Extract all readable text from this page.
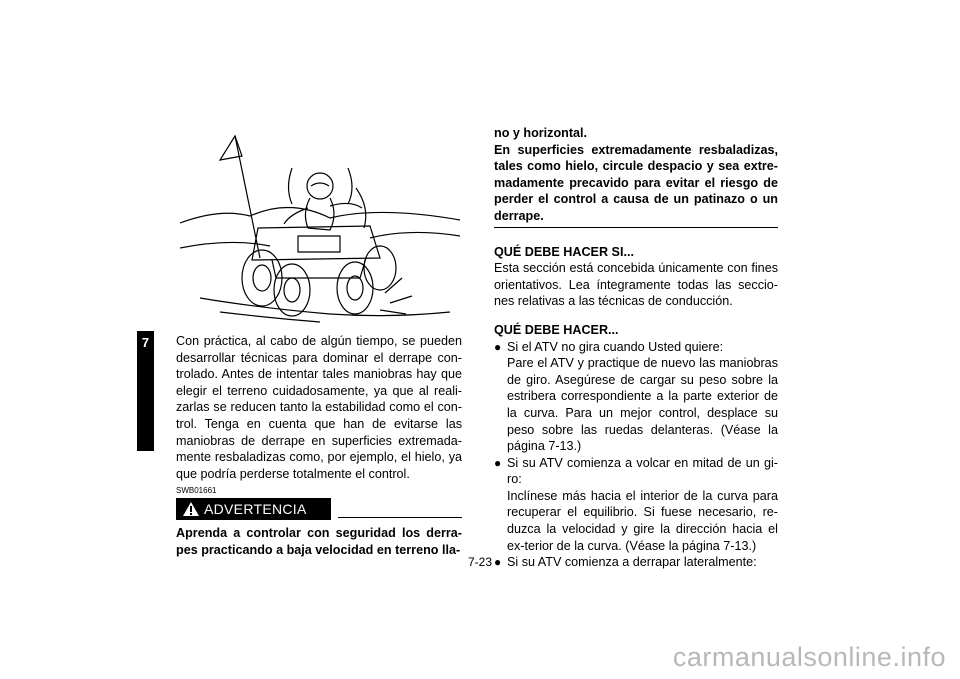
7	Con práctica, al cabo de algún tiempo, se pueden desarrollar técnicas para dominar el derrape con-trolado. Antes de intentar tales maniobras hay que elegir el terreno cuidadosamente, ya que al reali-zarlas se reducen tanto la estabilidad como el con-trol. Tenga en cuenta que han de evitarse las maniobras de derrape en superficies extremada-mente resbaladizas como, por ejemplo, el hielo, ya que podría perderse totalmente el control.

SWB01661
ADVERTENCIA
Aprenda a controlar con seguridad los derra-pes practicando a baja velocidad en terreno lla-

no y horizontal.

En superficies extremadamente resbaladizas, tales como hielo, circule despacio y sea extre-madamente precavido para evitar el riesgo de perder el control a causa de un patinazo o un derrape.

QUÉ DEBE HACER SI...

Esta sección está concebida únicamente con fines orientativos. Lea íntegramente todas las seccio-nes relativas a las técnicas de conducción.

QUÉ DEBE HACER...

● Si el ATV no gira cuando Usted quiere:

Pare el ATV y practique de nuevo las maniobras de giro. Asegúrese de cargar su peso sobre la estribera correspondiente a la parte exterior de la curva. Para un mejor control, desplace su peso sobre las ruedas delanteras. (Véase la página 7-13.)

● Si su ATV comienza a volcar en mitad de un gi-ro:

Inclínese más hacia el interior de la curva para recuperar el equilibrio. Si fuese necesario, re-duzca la velocidad y gire la dirección hacia el ex-terior de la curva. (Véase la página 7-13.)

● Si su ATV comienza a derrapar lateralmente:
7-23
carmanualsonline.info
